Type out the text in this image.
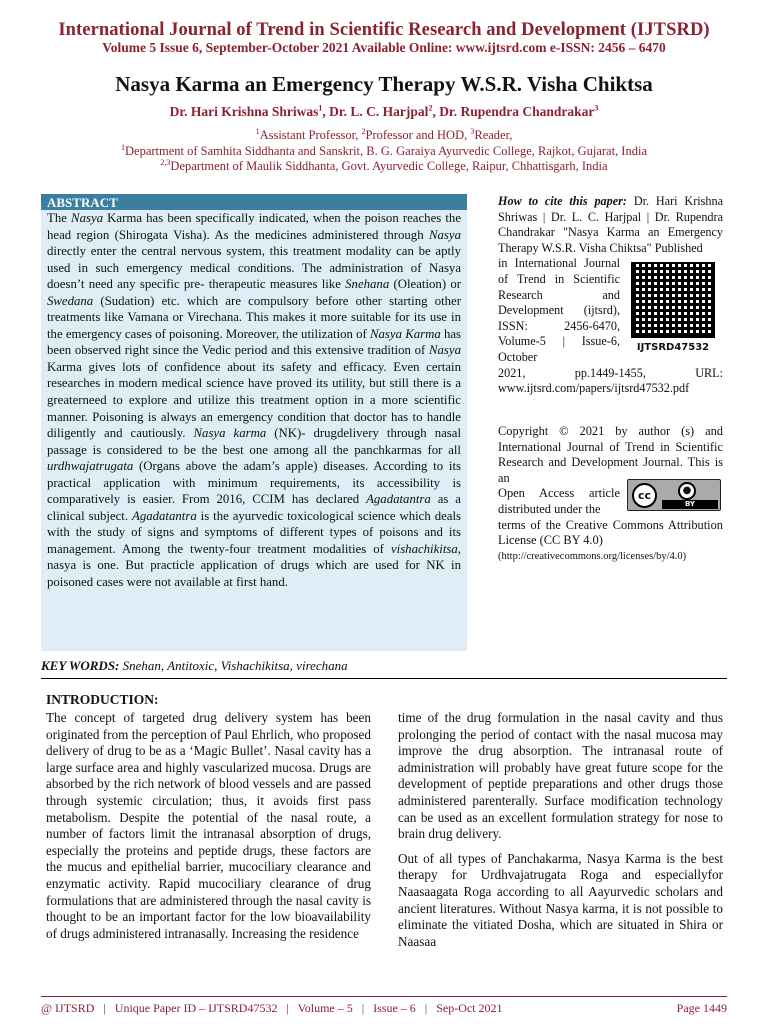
International Journal of Trend in Scientific Research and Development (IJTSRD)
Volume 5 Issue 6, September-October 2021 Available Online: www.ijtsrd.com e-ISSN: 2456 – 6470
Nasya Karma an Emergency Therapy W.S.R. Visha Chiktsa
Dr. Hari Krishna Shriwas$^1$, Dr. L. C. Harjpal$^2$, Dr. Rupendra Chandrakar$^3$
$^1$Assistant Professor, $^2$Professor and HOD, $^3$Reader,
$^1$Department of Samhita Siddhanta and Sanskrit, B. G. Garaiya Ayurvedic College, Rajkot, Gujarat, India
$^{2,3}$Department of Maulik Siddhanta, Govt. Ayurvedic College, Raipur, Chhattisgarh, India
ABSTRACT
The Nasya Karma has been specifically indicated, when the poison reaches the head region (Shirogata Visha). As the medicines administered through Nasya directly enter the central nervous system, this treatment modality can be aptly used in such emergency medical conditions. The administration of Nasya doesn’t need any specific pre- therapeutic measures like Snehana (Oleation) or Swedana (Sudation) etc. which are compulsory before other starting other treatments like Vamana or Virechana. This makes it more suitable for its use in the emergency cases of poisoning. Moreover, the utilization of Nasya Karma has been observed right since the Vedic period and this extensive tradition of Nasya Karma gives lots of confidence about its safety and efficacy. Even certain researches in modern medical science have proved its utility, but still there is a greaterneed to explore and utilize this treatment option in a more scientific manner. Poisoning is always an emergency condition that doctor has to handle diligently and cautiously. Nasya karma (NK)- drugdelivery through nasal passage is considered to be the best one among all the panchkarmas for all urdhwajatrugata (Organs above the adam’s apple) diseases. According to its practical application with minimum requirements, its accessibility is comparatively is easier. From 2016, CCIM has declared Agadatantra as a clinical subject. Agadatantra is the ayurvedic toxicological science which deals with the study of signs and symptoms of different types of poisons and its management. Among the twenty-four treatment modalities of vishachikitsa, nasya is one. But practicle application of drugs which are used for NK in poisoned cases were not available at first hand.
How to cite this paper: Dr. Hari Krishna Shriwas | Dr. L. C. Harjpal | Dr. Rupendra Chandrakar "Nasya Karma an Emergency Therapy W.S.R. Visha Chiktsa" Published
in International Journal of Trend in Scientific Research and Development (ijtsrd), ISSN: 2456-6470, Volume-5 | Issue-6, October
2021, pp.1449-1455, URL:
www.ijtsrd.com/papers/ijtsrd47532.pdf
IJTSRD47532
Copyright © 2021 by author (s) and International Journal of Trend in Scientific Research and Development Journal. This is an
Open Access article distributed under the
terms of the Creative Commons Attribution License (CC BY 4.0)
(http://creativecommons.org/licenses/by/4.0)
cc	●
BY
KEY WORDS: Snehan, Antitoxic, Vishachikitsa, virechana
INTRODUCTION:
The concept of targeted drug delivery system has been originated from the perception of Paul Ehrlich, who proposed delivery of drug to be as a ‘Magic Bullet’. Nasal cavity has a large surface area and highly vascularized mucosa. Drugs are absorbed by the rich network of blood vessels and are passed through systemic circulation; thus, it avoids first pass metabolism. Despite the potential of the nasal route, a number of factors limit the intranasal absorption of drugs, especially the proteins and peptide drugs, these factors are the mucus and epithelial barrier, mucociliary clearance and enzymatic activity. Rapid mucociliary clearance of drug formulations that are administered through the nasal cavity is thought to be an important factor for the low bioavailability of drugs administered intranasally. Increasing the residence

time of the drug formulation in the nasal cavity and thus prolonging the period of contact with the nasal mucosa may improve the drug absorption. The intranasal route of administration will probably have great future scope for the development of peptide preparations and other drugs those administered parenterally. Surface modification technology can be used as an excellent formulation strategy for nose to brain drug delivery.

Out of all types of Panchakarma, Nasya Karma is the best therapy for Urdhvajatrugata Roga and especiallyfor Naasaagata Roga according to all Aayurvedic scholars and ancient literatures. Without Nasya karma, it is not possible to eliminate the vitiated Dosha, which are situated in Shira or Naasaa

@ IJTSRD   |   Unique Paper ID – IJTSRD47532   |   Volume – 5   |   Issue – 6   |   Sep-Oct 2021	Page 1449
